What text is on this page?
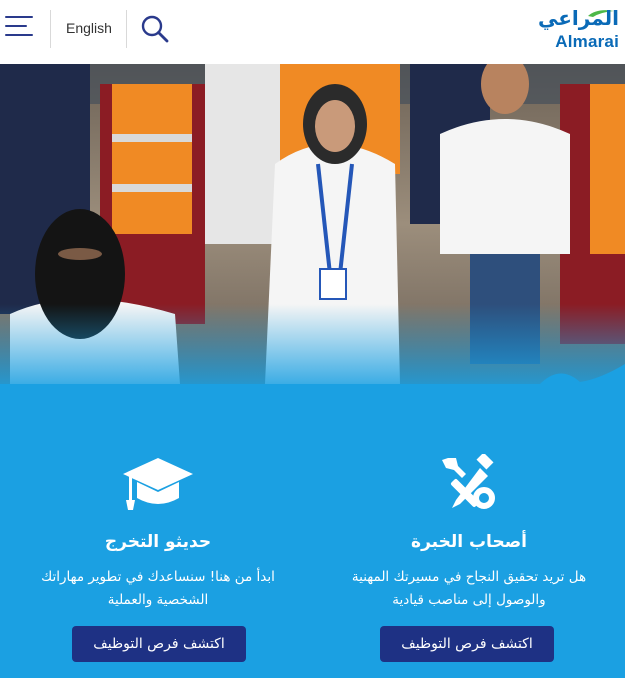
English	المراعي
Almarai
أصحاب الخبرة

هل تريد تحقيق النجاح في مسيرتك المهنية والوصول إلى مناصب قيادية

اكتشف فرص التوظيف
حديثو التخرج

ابدأ من هنا! سنساعدك في تطوير مهاراتك الشخصية والعملية

اكتشف فرص التوظيف
